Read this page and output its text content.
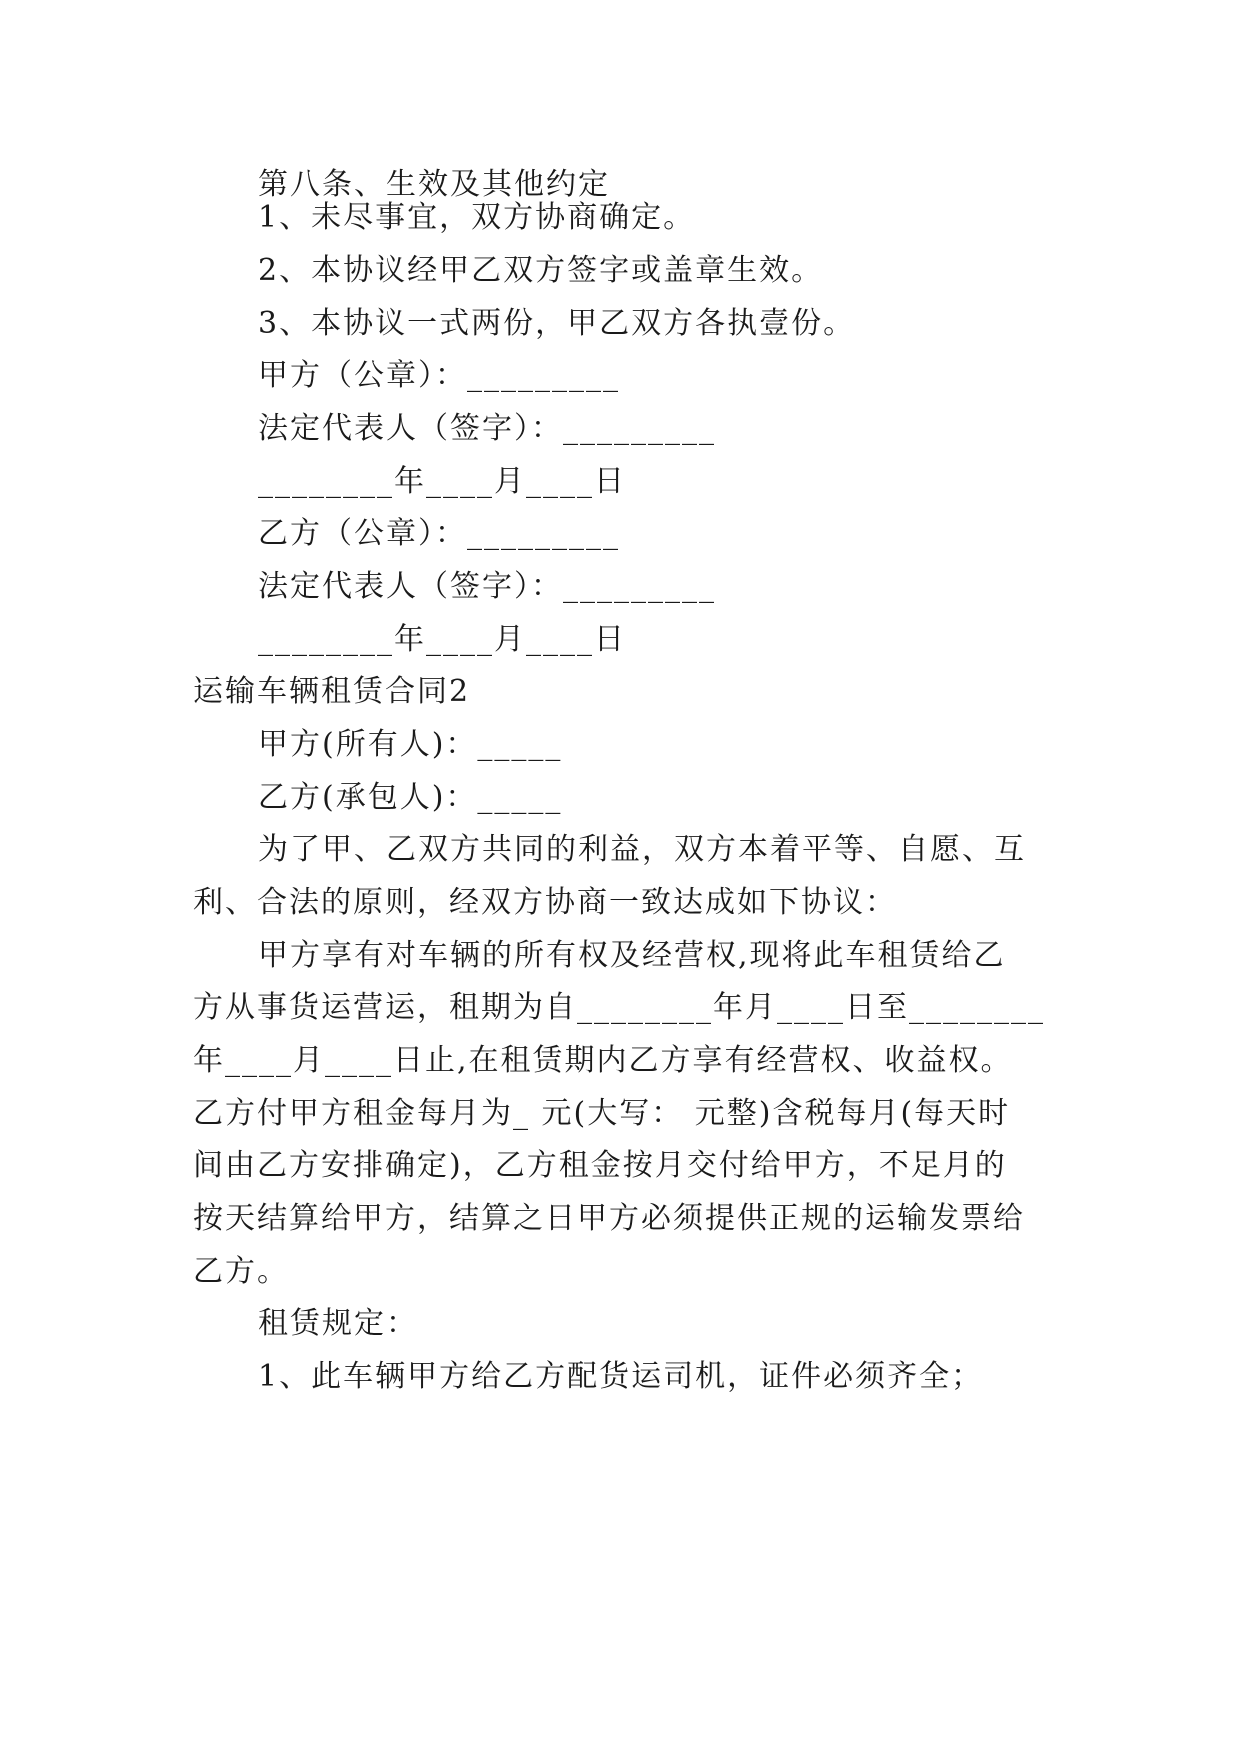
第八条、生效及其他约定
1、未尽事宜，双方协商确定。
2、本协议经甲乙双方签字或盖章生效。
3、本协议一式两份，甲乙双方各执壹份。
甲方（公章）：_________
法定代表人（签字）：_________
________年____月____日
乙方（公章）：_________
法定代表人（签字）：_________
________年____月____日
运输车辆租赁合同2
甲方(所有人)：_____
乙方(承包人)：_____
为了甲、乙双方共同的利益，双方本着平等、自愿、互
利、合法的原则，经双方协商一致达成如下协议：
甲方享有对车辆的所有权及经营权,现将此车租赁给乙
方从事货运营运，租期为自________年月____日至________
年____月____日止,在租赁期内乙方享有经营权、收益权。
乙方付甲方租金每月为_ 元(大写： 元整)含税每月(每天时
间由乙方安排确定)，乙方租金按月交付给甲方，不足月的
按天结算给甲方，结算之日甲方必须提供正规的运输发票给
乙方。
租赁规定：
1、此车辆甲方给乙方配货运司机，证件必须齐全；
